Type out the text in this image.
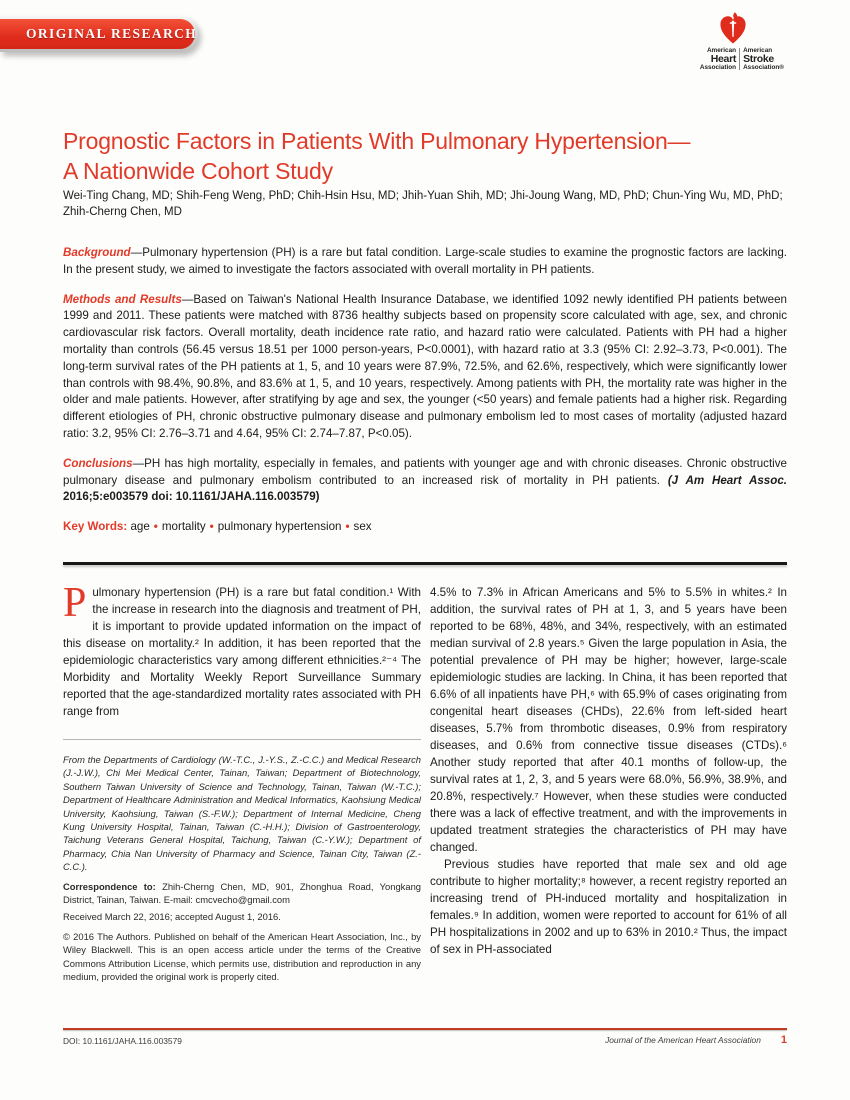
ORIGINAL RESEARCH
American
Heart
Association
American
Stroke
Association®
Prognostic Factors in Patients With Pulmonary Hypertension—
A Nationwide Cohort Study

Wei-Ting Chang, MD; Shih-Feng Weng, PhD; Chih-Hsin Hsu, MD; Jhih-Yuan Shih, MD; Jhi-Joung Wang, MD, PhD; Chun-Ying Wu, MD, PhD; Zhih-Cherng Chen, MD

Background—Pulmonary hypertension (PH) is a rare but fatal condition. Large-scale studies to examine the prognostic factors are lacking. In the present study, we aimed to investigate the factors associated with overall mortality in PH patients.

Methods and Results—Based on Taiwan's National Health Insurance Database, we identified 1092 newly identified PH patients between 1999 and 2011. These patients were matched with 8736 healthy subjects based on propensity score calculated with age, sex, and chronic cardiovascular risk factors. Overall mortality, death incidence rate ratio, and hazard ratio were calculated. Patients with PH had a higher mortality than controls (56.45 versus 18.51 per 1000 person-years, P<0.0001), with hazard ratio at 3.3 (95% CI: 2.92–3.73, P<0.001). The long-term survival rates of the PH patients at 1, 5, and 10 years were 87.9%, 72.5%, and 62.6%, respectively, which were significantly lower than controls with 98.4%, 90.8%, and 83.6% at 1, 5, and 10 years, respectively. Among patients with PH, the mortality rate was higher in the older and male patients. However, after stratifying by age and sex, the younger (<50 years) and female patients had a higher risk. Regarding different etiologies of PH, chronic obstructive pulmonary disease and pulmonary embolism led to most cases of mortality (adjusted hazard ratio: 3.2, 95% CI: 2.76–3.71 and 4.64, 95% CI: 2.74–7.87, P<0.05).

Conclusions—PH has high mortality, especially in females, and patients with younger age and with chronic diseases. Chronic obstructive pulmonary disease and pulmonary embolism contributed to an increased risk of mortality in PH patients. (J Am Heart Assoc. 2016;5:e003579 doi: 10.1161/JAHA.116.003579)

Key Words: age • mortality • pulmonary hypertension • sex

Pulmonary hypertension (PH) is a rare but fatal condition.¹ With the increase in research into the diagnosis and treatment of PH, it is important to provide updated information on the impact of this disease on mortality.² In addition, it has been reported that the epidemiologic characteristics vary among different ethnicities.²⁻⁴ The Morbidity and Mortality Weekly Report Surveillance Summary reported that the age-standardized mortality rates associated with PH range from

From the Departments of Cardiology (W.-T.C., J.-Y.S., Z.-C.C.) and Medical Research (J.-J.W.), Chi Mei Medical Center, Tainan, Taiwan; Department of Biotechnology, Southern Taiwan University of Science and Technology, Tainan, Taiwan (W.-T.C.); Department of Healthcare Administration and Medical Informatics, Kaohsiung Medical University, Kaohsiung, Taiwan (S.-F.W.); Department of Internal Medicine, Cheng Kung University Hospital, Tainan, Taiwan (C.-H.H.); Division of Gastroenterology, Taichung Veterans General Hospital, Taichung, Taiwan (C.-Y.W.); Department of Pharmacy, Chia Nan University of Pharmacy and Science, Tainan City, Taiwan (Z.-C.C.).

Correspondence to: Zhih-Cherng Chen, MD, 901, Zhonghua Road, Yongkang District, Tainan, Taiwan. E-mail: cmcvecho@gmail.com

Received March 22, 2016; accepted August 1, 2016.

© 2016 The Authors. Published on behalf of the American Heart Association, Inc., by Wiley Blackwell. This is an open access article under the terms of the Creative Commons Attribution License, which permits use, distribution and reproduction in any medium, provided the original work is properly cited.

4.5% to 7.3% in African Americans and 5% to 5.5% in whites.² In addition, the survival rates of PH at 1, 3, and 5 years have been reported to be 68%, 48%, and 34%, respectively, with an estimated median survival of 2.8 years.⁵ Given the large population in Asia, the potential prevalence of PH may be higher; however, large-scale epidemiologic studies are lacking. In China, it has been reported that 6.6% of all inpatients have PH,⁶ with 65.9% of cases originating from congenital heart diseases (CHDs), 22.6% from left-sided heart diseases, 5.7% from thrombotic diseases, 0.9% from respiratory diseases, and 0.6% from connective tissue diseases (CTDs).⁶ Another study reported that after 40.1 months of follow-up, the survival rates at 1, 2, 3, and 5 years were 68.0%, 56.9%, 38.9%, and 20.8%, respectively.⁷ However, when these studies were conducted there was a lack of effective treatment, and with the improvements in updated treatment strategies the characteristics of PH may have changed.

Previous studies have reported that male sex and old age contribute to higher mortality;⁸ however, a recent registry reported an increasing trend of PH-induced mortality and hospitalization in females.⁹ In addition, women were reported to account for 61% of all PH hospitalizations in 2002 and up to 63% in 2010.² Thus, the impact of sex in PH-associated

DOI: 10.1161/JAHA.116.003579	Journal of the American Heart Association 1
